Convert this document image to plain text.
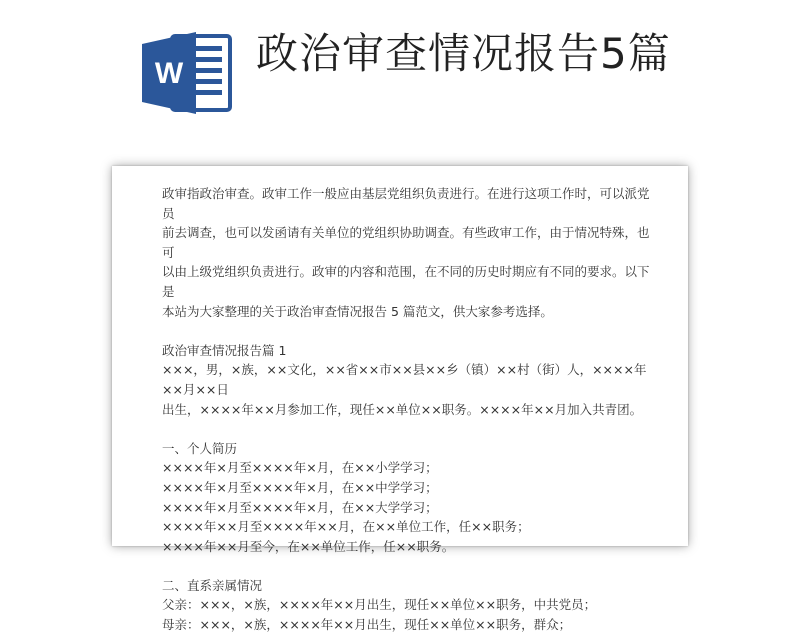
W 政治审查情况报告5篇

政审指政治审查。政审工作一般应由基层党组织负责进行。在进行这项工作时，可以派党员

前去调查，也可以发函请有关单位的党组织协助调查。有些政审工作，由于情况特殊，也可

以由上级党组织负责进行。政审的内容和范围，在不同的历史时期应有不同的要求。以下是

本站为大家整理的关于政治审查情况报告 5 篇范文，供大家参考选择。

政治审查情况报告篇 1

×××，男，×族，××文化，××省××市××县××乡（镇）××村（街）人，××××年××月××日

出生，××××年××月参加工作，现任××单位××职务。××××年××月加入共青团。

一、个人简历

××××年×月至××××年×月，在××小学学习；

××××年×月至××××年×月，在××中学学习；

××××年×月至××××年×月，在××大学学习；

××××年××月至××××年××月，在××单位工作，任××职务；

××××年××月至今，在××单位工作，任××职务。

二、直系亲属情况

父亲：×××，×族，××××年××月出生，现任××单位××职务，中共党员；

母亲：×××，×族，××××年××月出生，现任××单位××职务，群众；
